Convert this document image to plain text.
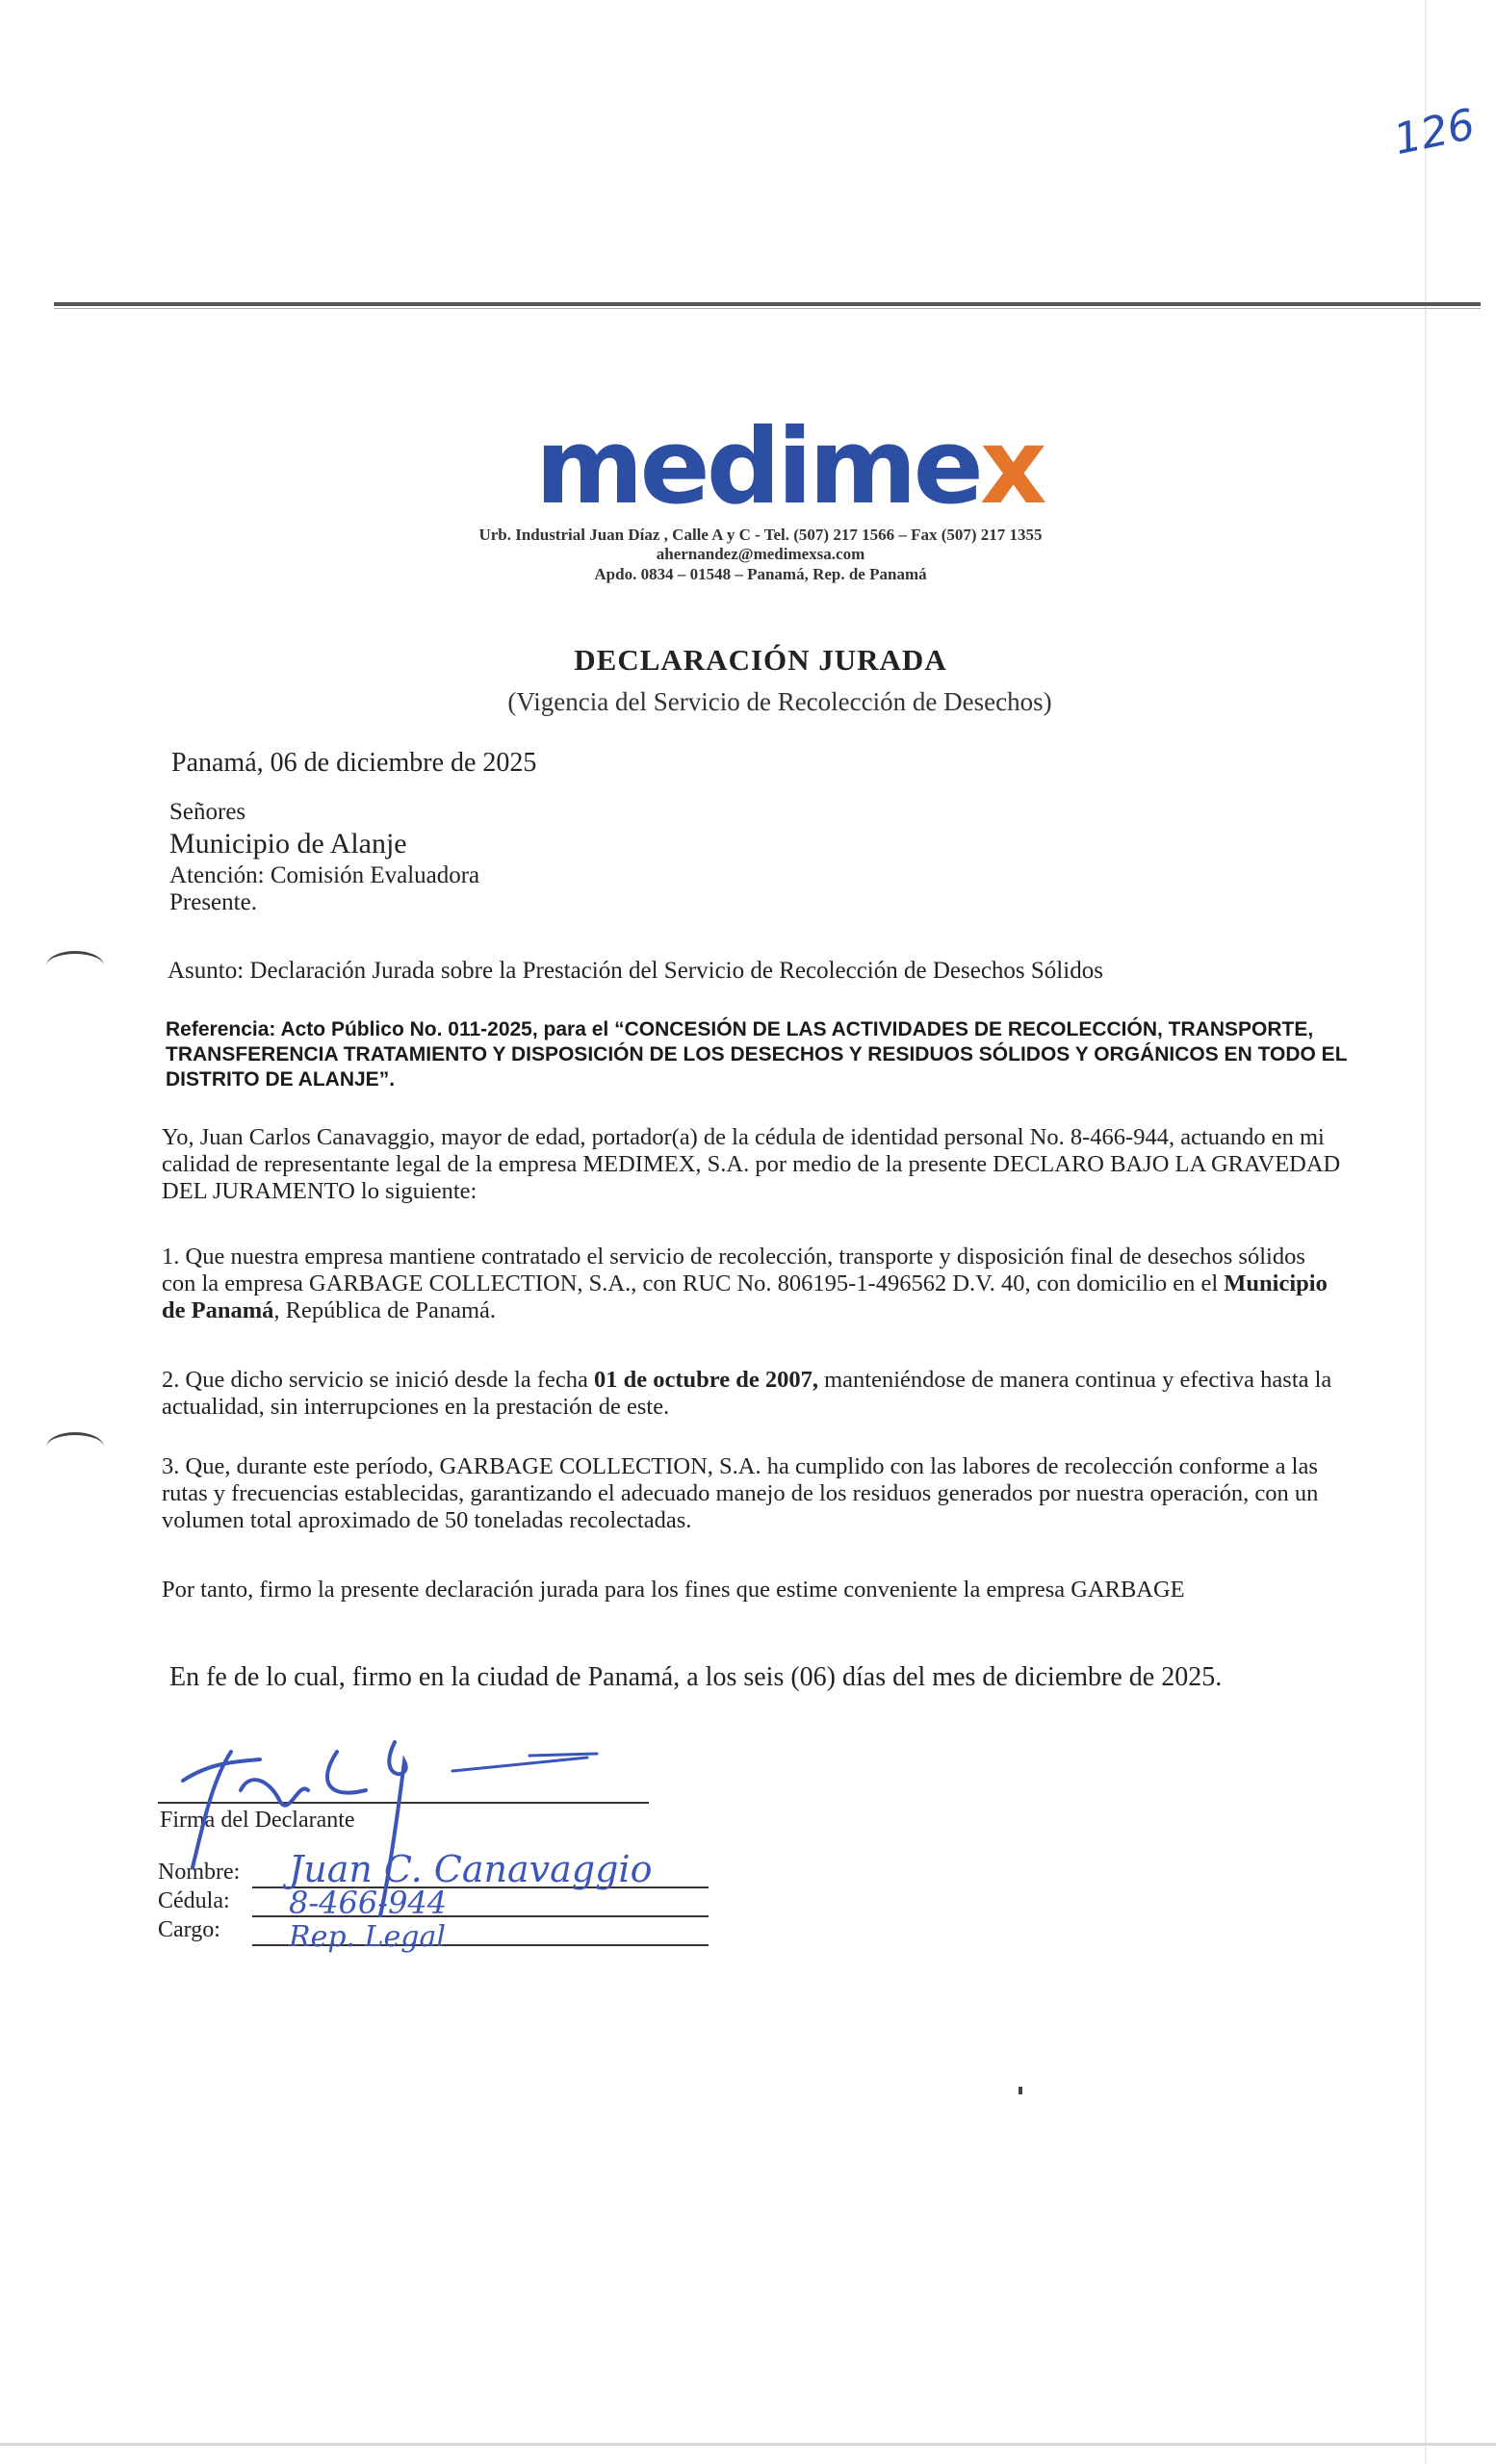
126
medimex
Urb. Industrial Juan Díaz , Calle A y C - Tel. (507) 217 1566 – Fax (507) 217 1355
ahernandez@medimexsa.com
Apdo. 0834 – 01548 – Panamá, Rep. de Panamá
DECLARACIÓN JURADA
(Vigencia del Servicio de Recolección de Desechos)
Panamá, 06 de diciembre de 2025
Señores
Municipio de Alanje
Atención: Comisión Evaluadora
Presente.
Asunto: Declaración Jurada sobre la Prestación del Servicio de Recolección de Desechos Sólidos
Referencia: Acto Público No. 011-2025, para el “CONCESIÓN DE LAS ACTIVIDADES DE RECOLECCIÓN, TRANSPORTE, TRANSFERENCIA TRATAMIENTO Y DISPOSICIÓN DE LOS DESECHOS Y RESIDUOS SÓLIDOS Y ORGÁNICOS EN TODO EL DISTRITO DE ALANJE”.
Yo, Juan Carlos Canavaggio, mayor de edad, portador(a) de la cédula de identidad personal No. 8-466-944, actuando en mi calidad de representante legal de la empresa MEDIMEX, S.A. por medio de la presente DECLARO BAJO LA GRAVEDAD DEL JURAMENTO lo siguiente:
1. Que nuestra empresa mantiene contratado el servicio de recolección, transporte y disposición final de desechos sólidos con la empresa GARBAGE COLLECTION, S.A., con RUC No. 806195-1-496562 D.V. 40, con domicilio en el Municipio de Panamá, República de Panamá.
2. Que dicho servicio se inició desde la fecha 01 de octubre de 2007, manteniéndose de manera continua y efectiva hasta la actualidad, sin interrupciones en la prestación de este.
3. Que, durante este período, GARBAGE COLLECTION, S.A. ha cumplido con las labores de recolección conforme a las rutas y frecuencias establecidas, garantizando el adecuado manejo de los residuos generados por nuestra operación, con un volumen total aproximado de 50 toneladas recolectadas.
Por tanto, firmo la presente declaración jurada para los fines que estime conveniente la empresa GARBAGE
En fe de lo cual, firmo en la ciudad de Panamá, a los seis (06) días del mes de diciembre de 2025.
Firma del Declarante
Nombre:
Cédula:
Cargo:
Juan C. Canavaggio
8-466-944
Rep. Legal
